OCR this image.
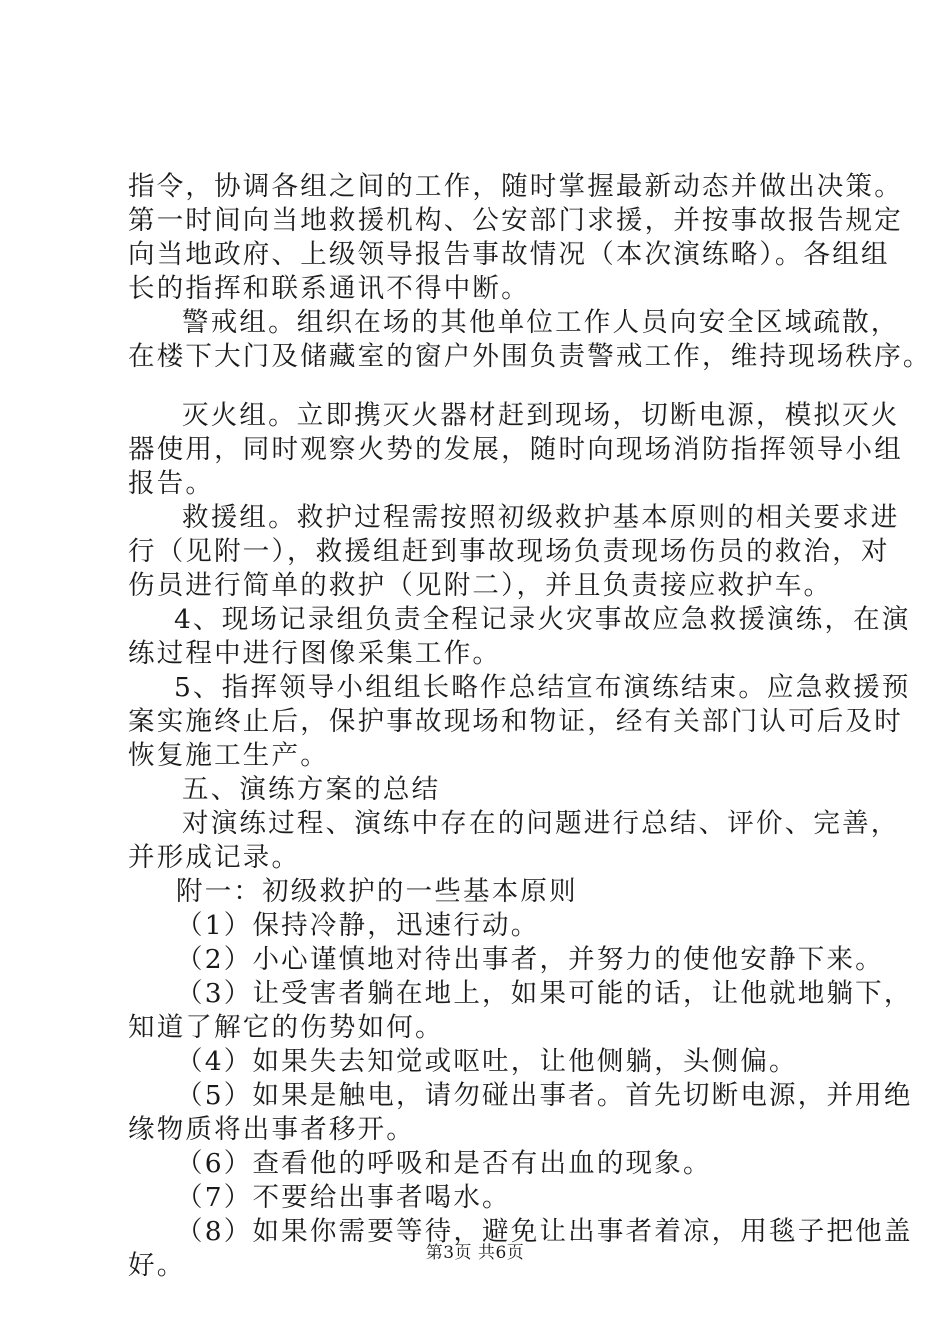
指令，协调各组之间的工作，随时掌握最新动态并做出决策。
第一时间向当地救援机构、公安部门求援，并按事故报告规定
向当地政府、上级领导报告事故情况（本次演练略）。各组组
长的指挥和联系通讯不得中断。
警戒组。组织在场的其他单位工作人员向安全区域疏散，
在楼下大门及储藏室的窗户外围负责警戒工作，维持现场秩序。
灭火组。立即携灭火器材赶到现场，切断电源，模拟灭火
器使用，同时观察火势的发展，随时向现场消防指挥领导小组
报告。
救援组。救护过程需按照初级救护基本原则的相关要求进
行（见附一），救援组赶到事故现场负责现场伤员的救治，对
伤员进行简单的救护（见附二），并且负责接应救护车。
4、现场记录组负责全程记录火灾事故应急救援演练，在演
练过程中进行图像采集工作。
5、指挥领导小组组长略作总结宣布演练结束。应急救援预
案实施终止后，保护事故现场和物证，经有关部门认可后及时
恢复施工生产。
五、演练方案的总结
对演练过程、演练中存在的问题进行总结、评价、完善，
并形成记录。
附一：初级救护的一些基本原则
（1）保持冷静，迅速行动。
（2）小心谨慎地对待出事者，并努力的使他安静下来。
（3）让受害者躺在地上，如果可能的话，让他就地躺下，
知道了解它的伤势如何。
（4）如果失去知觉或呕吐，让他侧躺，头侧偏。
（5）如果是触电，请勿碰出事者。首先切断电源，并用绝
缘物质将出事者移开。
（6）查看他的呼吸和是否有出血的现象。
（7）不要给出事者喝水。
（8）如果你需要等待，避免让出事者着凉，用毯子把他盖
好。	第3页 共6页
